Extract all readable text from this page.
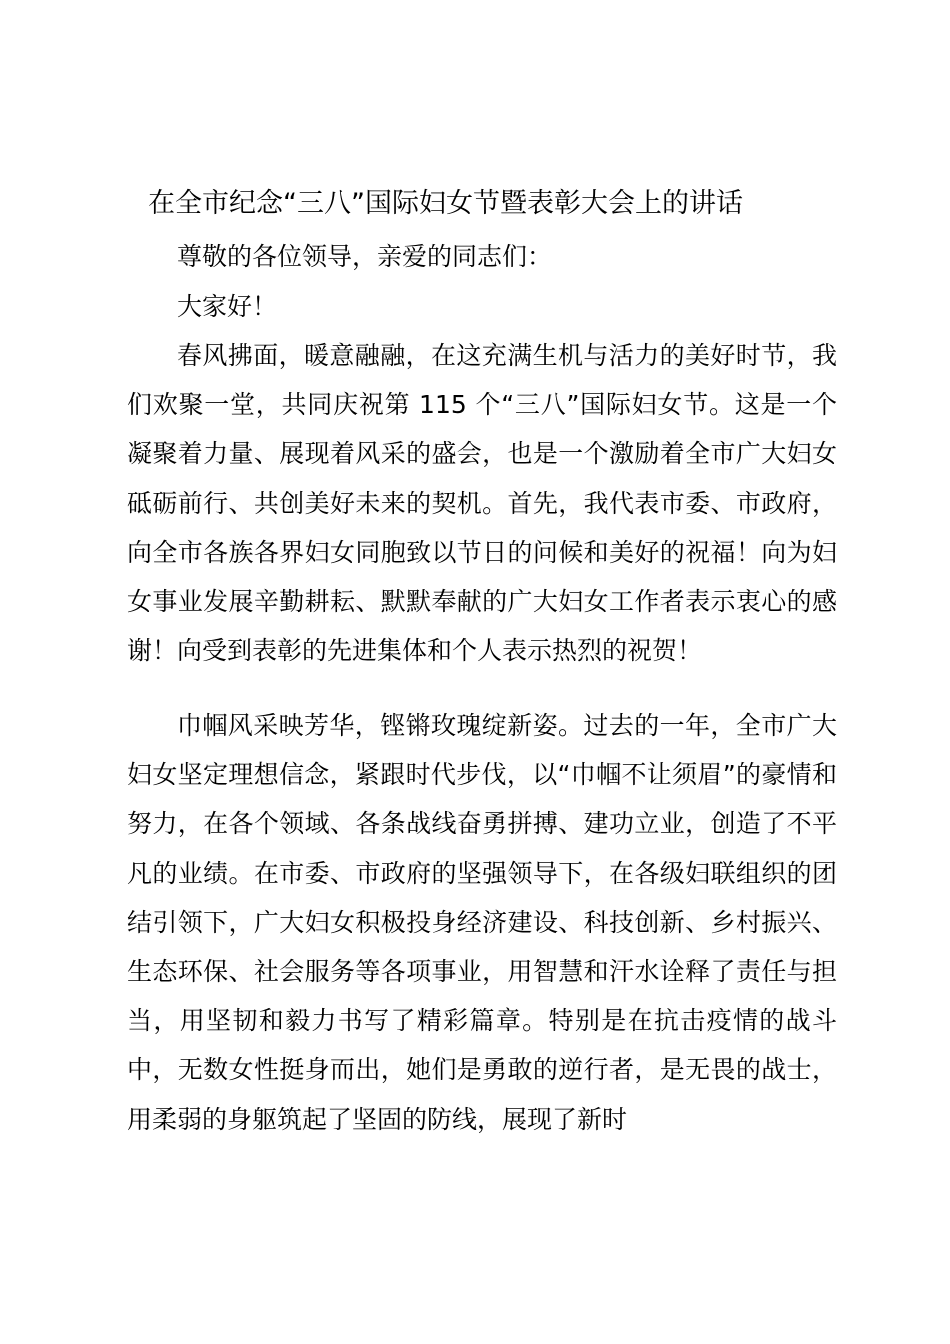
在全市纪念“三八”国际妇女节暨表彰大会上的讲话

尊敬的各位领导，亲爱的同志们：

大家好！

春风拂面，暖意融融，在这充满生机与活力的美好时节，我们欢聚一堂，共同庆祝第 115 个“三八”国际妇女节。这是一个凝聚着力量、展现着风采的盛会，也是一个激励着全市广大妇女砥砺前行、共创美好未来的契机。首先，我代表市委、市政府，向全市各族各界妇女同胞致以节日的问候和美好的祝福！向为妇女事业发展辛勤耕耘、默默奉献的广大妇女工作者表示衷心的感谢！向受到表彰的先进集体和个人表示热烈的祝贺！

巾帼风采映芳华，铿锵玫瑰绽新姿。过去的一年，全市广大妇女坚定理想信念，紧跟时代步伐，以“巾帼不让须眉”的豪情和努力，在各个领域、各条战线奋勇拼搏、建功立业，创造了不平凡的业绩。在市委、市政府的坚强领导下，在各级妇联组织的团结引领下，广大妇女积极投身经济建设、科技创新、乡村振兴、生态环保、社会服务等各项事业，用智慧和汗水诠释了责任与担当，用坚韧和毅力书写了精彩篇章。特别是在抗击疫情的战斗中，无数女性挺身而出，她们是勇敢的逆行者，是无畏的战士，用柔弱的身躯筑起了坚固的防线，展现了新时
